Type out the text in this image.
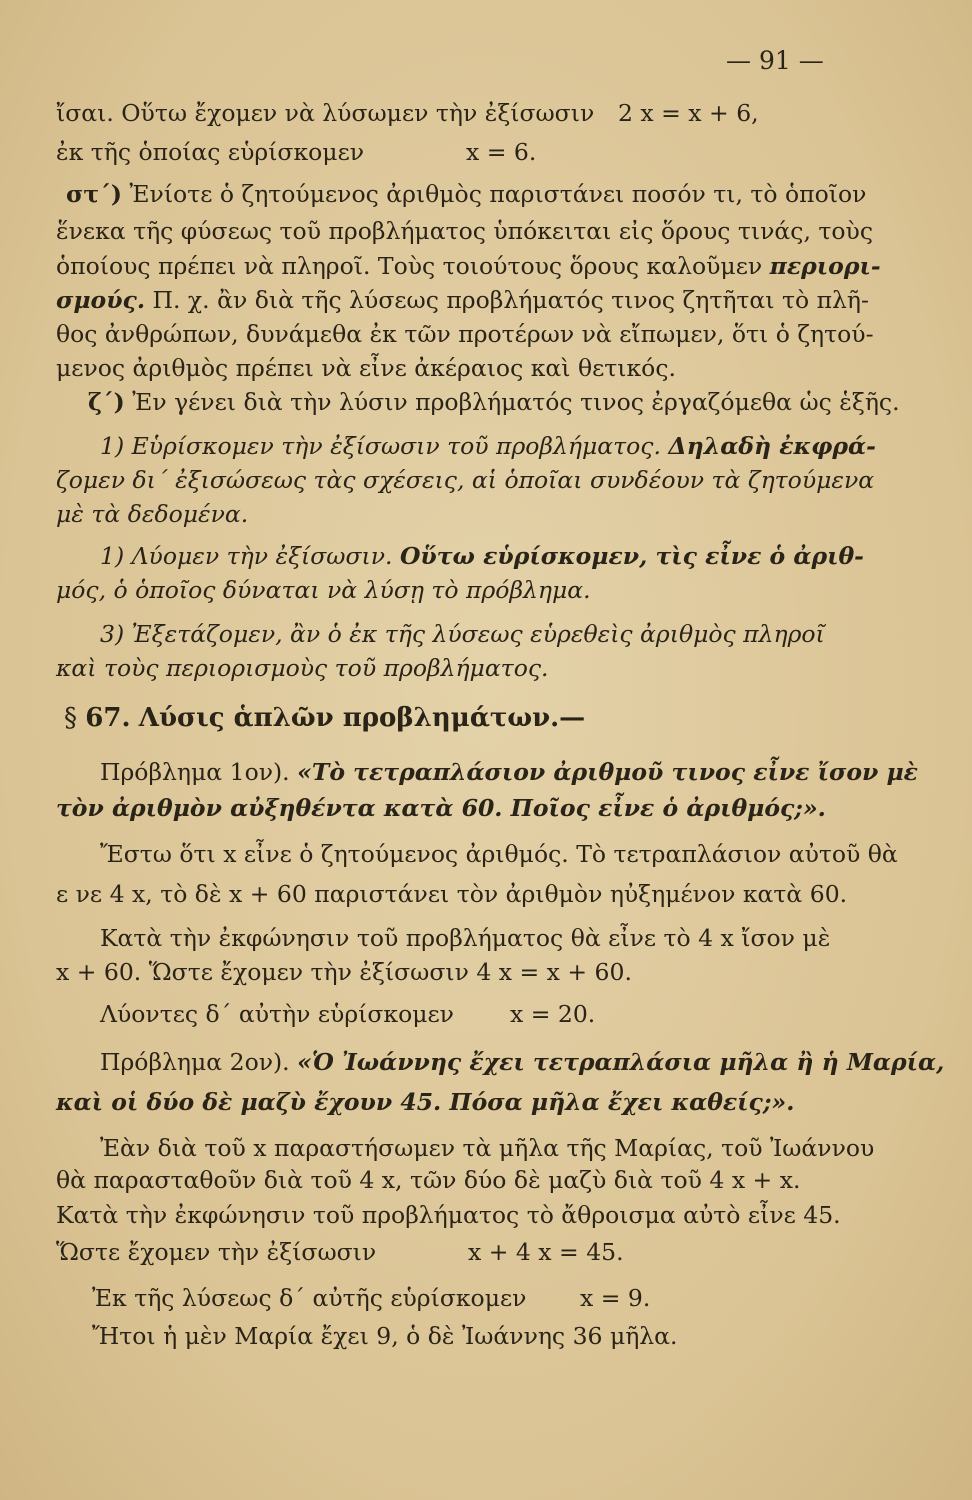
— 91 —
ἴσαι. Οὕτω ἔχομεν νὰ λύσωμεν τὴν ἐξίσωσιν 2 x = x + 6,
ἐκ τῆς ὁποίας εὑρίσκομεν	x = 6.
στ΄) Ἐνίοτε ὁ ζητούμενος ἀριθμὸς παριστάνει ποσόν τι, τὸ ὁποῖον
ἕνεκα τῆς φύσεως τοῦ προβλήματος ὑπόκειται εἰς ὅρους τινάς, τοὺς
ὁποίους πρέπει νὰ πληροῖ. Τοὺς τοιούτους ὅρους καλοῦμεν περιορι-
σμούς. Π. χ. ἂν διὰ τῆς λύσεως προβλήματός τινος ζητῆται τὸ πλῆ-
θος ἀνθρώπων, δυνάμεθα ἐκ τῶν προτέρων νὰ εἴπωμεν, ὅτι ὁ ζητού-
μενος ἀριθμὸς πρέπει νὰ εἶνε ἀκέραιος καὶ θετικός.
ζ΄) Ἐν γένει διὰ τὴν λύσιν προβλήματός τινος ἐργαζόμεθα ὡς ἑξῆς.
1) Εὑρίσκομεν τὴν ἐξίσωσιν τοῦ προβλήματος. Δηλαδὴ ἐκφρά-
ζομεν δι΄ ἐξισώσεως τὰς σχέσεις, αἱ ὁποῖαι συνδέουν τὰ ζητούμενα
μὲ τὰ δεδομένα.
1) Λύομεν τὴν ἐξίσωσιν. Οὕτω εὑρίσκομεν, τὶς εἶνε ὁ ἀριθ-
μός, ὁ ὁποῖος δύναται νὰ λύσῃ τὸ πρόβλημα.
3) Ἐξετάζομεν, ἂν ὁ ἐκ τῆς λύσεως εὑρεθεὶς ἀριθμὸς πληροῖ
καὶ τοὺς περιορισμοὺς τοῦ προβλήματος.
§ 67. Λύσις ἁπλῶν προβλημάτων.—
Πρόβλημα 1ον). «Τὸ τετραπλάσιον ἀριθμοῦ τινος εἶνε ἴσον μὲ
τὸν ἀριθμὸν αὐξηθέντα κατὰ 60. Ποῖος εἶνε ὁ ἀριθμός;».
Ἔστω ὅτι x εἶνε ὁ ζητούμενος ἀριθμός. Τὸ τετραπλάσιον αὐτοῦ θὰ
ε νε 4 x, τὸ δὲ x + 60 παριστάνει τὸν ἀριθμὸν ηὐξημένον κατὰ 60.
Κατὰ τὴν ἐκφώνησιν τοῦ προβλήματος θὰ εἶνε τὸ 4 x ἴσον μὲ
x + 60. Ὥστε ἔχομεν τὴν ἐξίσωσιν 4 x = x + 60.
Λύοντες δ΄ αὐτὴν εὑρίσκομεν x = 20.
Πρόβλημα 2ον). «Ὁ Ἰωάννης ἔχει τετραπλάσια μῆλα ἢ ἡ Μαρία,
καὶ οἱ δύο δὲ μαζὺ ἔχουν 45. Πόσα μῆλα ἔχει καθείς;».
Ἐὰν διὰ τοῦ x παραστήσωμεν τὰ μῆλα τῆς Μαρίας, τοῦ Ἰωάννου
θὰ παρασταθοῦν διὰ τοῦ 4 x, τῶν δύο δὲ μαζὺ διὰ τοῦ 4 x + x.
Κατὰ τὴν ἐκφώνησιν τοῦ προβλήματος τὸ ἄθροισμα αὐτὸ εἶνε 45.
Ὥστε ἔχομεν τὴν ἐξίσωσιν	x + 4 x = 45.
Ἐκ τῆς λύσεως δ΄ αὐτῆς εὑρίσκομεν x = 9.
Ἤτοι ἡ μὲν Μαρία ἔχει 9, ὁ δὲ Ἰωάννης 36 μῆλα.
